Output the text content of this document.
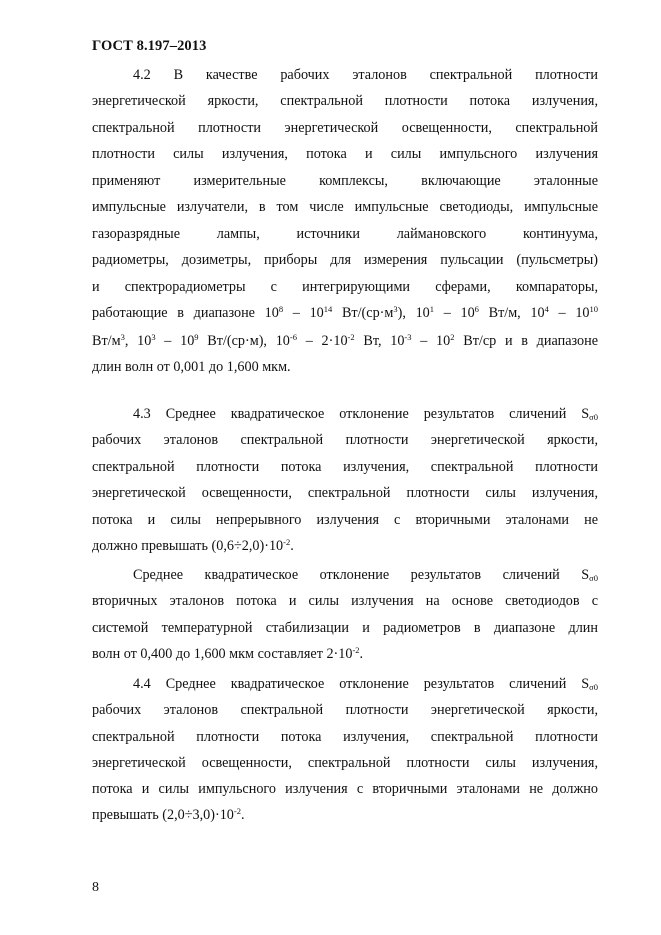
ГОСТ 8.197–2013
4.2 В качестве рабочих эталонов спектральной плотности
энергетической яркости, спектральной плотности потока излучения,
спектральной плотности энергетической освещенности, спектральной
плотности силы излучения, потока и силы импульсного излучения
применяют измерительные комплексы, включающие эталонные
импульсные излучатели, в том числе импульсные светодиоды, импульсные
газоразрядные лампы, источники лаймановского континуума,
радиометры, дозиметры, приборы для измерения пульсации (пульсметры)
и спектрорадиометры с интегрирующими сферами, компараторы,
работающие в диапазоне $10^8 - 10^{14}$ $Вт/(ср\cdot м^3)$, $10^1 - 10^6$ Вт/м, $10^4 - 10^{10}$
$Вт/м^3$, $10^3 - 10^9$ Вт/(ср·м), $10^{-6} - 2\cdot 10^{-2}$ Вт, $10^{-3} - 10^2$ Вт/ср и в диапазоне
длин волн от 0,001 до 1,600 мкм.
4.3 Среднее квадратическое отклонение результатов сличений $S_{\sigma 0}$
рабочих эталонов спектральной плотности энергетической яркости,
спектральной плотности потока излучения, спектральной плотности
энергетической освещенности, спектральной плотности силы излучения,
потока и силы непрерывного излучения с вторичными эталонами не
должно превышать $(0,6\div 2,0)\cdot 10^{-2}$.
Среднее квадратическое отклонение результатов сличений $S_{\sigma 0}$
вторичных эталонов потока и силы излучения на основе светодиодов с
системой температурной стабилизации и радиометров в диапазоне длин
волн от 0,400 до 1,600 мкм составляет $2\cdot 10^{-2}$.
4.4 Среднее квадратическое отклонение результатов сличений $S_{\sigma 0}$
рабочих эталонов спектральной плотности энергетической яркости,
спектральной плотности потока излучения, спектральной плотности
энергетической освещенности, спектральной плотности силы излучения,
потока и силы импульсного излучения с вторичными эталонами не должно
превышать $(2,0\div 3,0)\cdot 10^{-2}$.
8
